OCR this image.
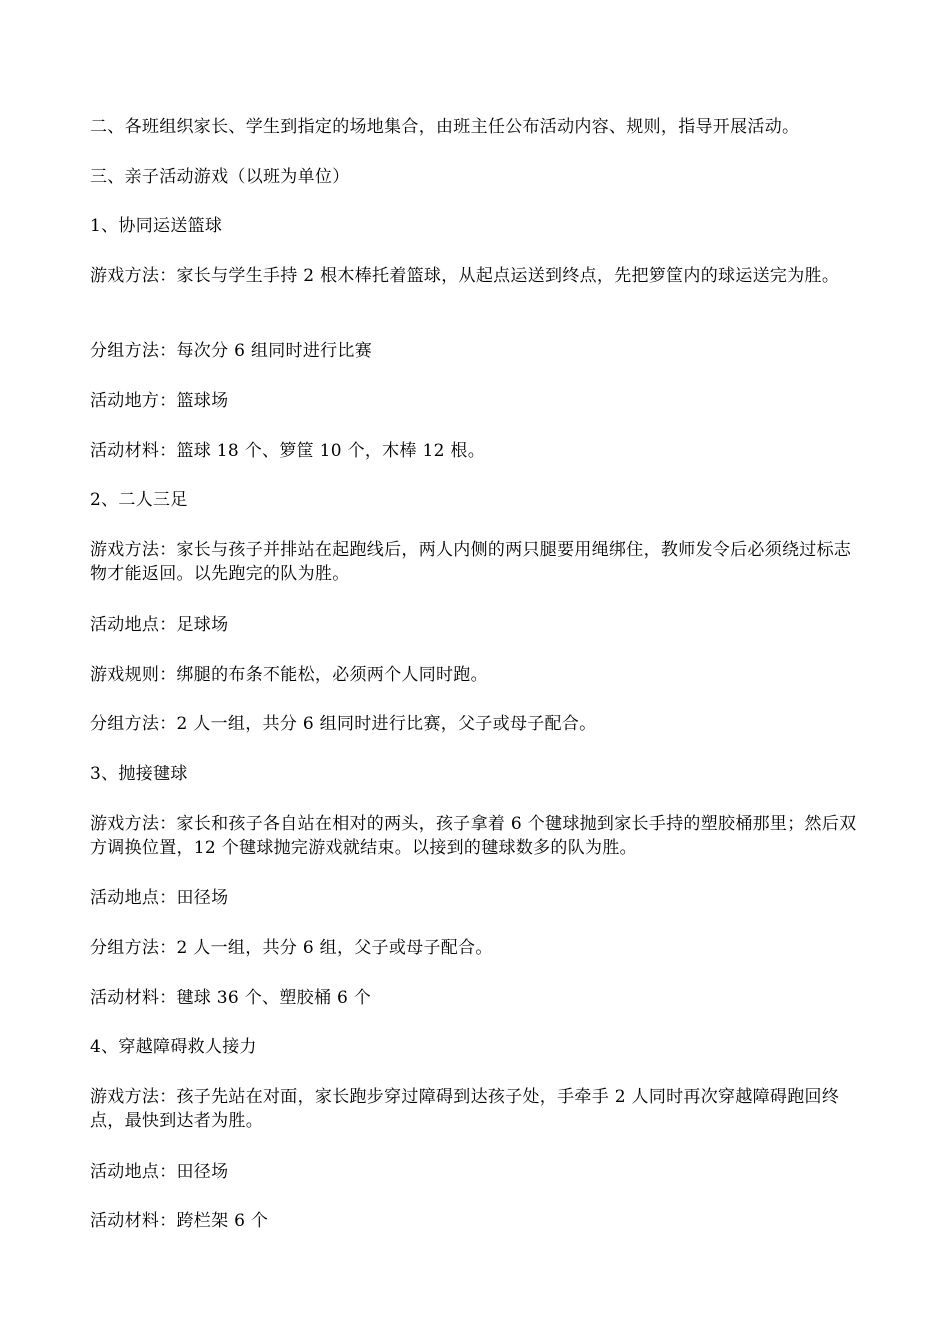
二、各班组织家长、学生到指定的场地集合，由班主任公布活动内容、规则，指导开展活动。

三、亲子活动游戏（以班为单位）

1、协同运送篮球

游戏方法：家长与学生手持 2 根木棒托着篮球，从起点运送到终点，先把箩筐内的球运送完为胜。

分组方法：每次分 6 组同时进行比赛

活动地方：篮球场

活动材料：篮球 18 个、箩筐 10 个，木棒 12 根。

2、二人三足

游戏方法：家长与孩子并排站在起跑线后，两人内侧的两只腿要用绳绑住，教师发令后必须绕过标志物才能返回。以先跑完的队为胜。

活动地点：足球场

游戏规则：绑腿的布条不能松，必须两个人同时跑。

分组方法：2 人一组，共分 6 组同时进行比赛，父子或母子配合。

3、抛接毽球

游戏方法：家长和孩子各自站在相对的两头，孩子拿着 6 个毽球抛到家长手持的塑胶桶那里；然后双方调换位置，12 个毽球抛完游戏就结束。以接到的毽球数多的队为胜。

活动地点：田径场

分组方法：2 人一组，共分 6 组，父子或母子配合。

活动材料：毽球 36 个、塑胶桶 6 个

4、穿越障碍救人接力

游戏方法：孩子先站在对面，家长跑步穿过障碍到达孩子处，手牵手 2 人同时再次穿越障碍跑回终点，最快到达者为胜。

活动地点：田径场

活动材料：跨栏架 6 个
